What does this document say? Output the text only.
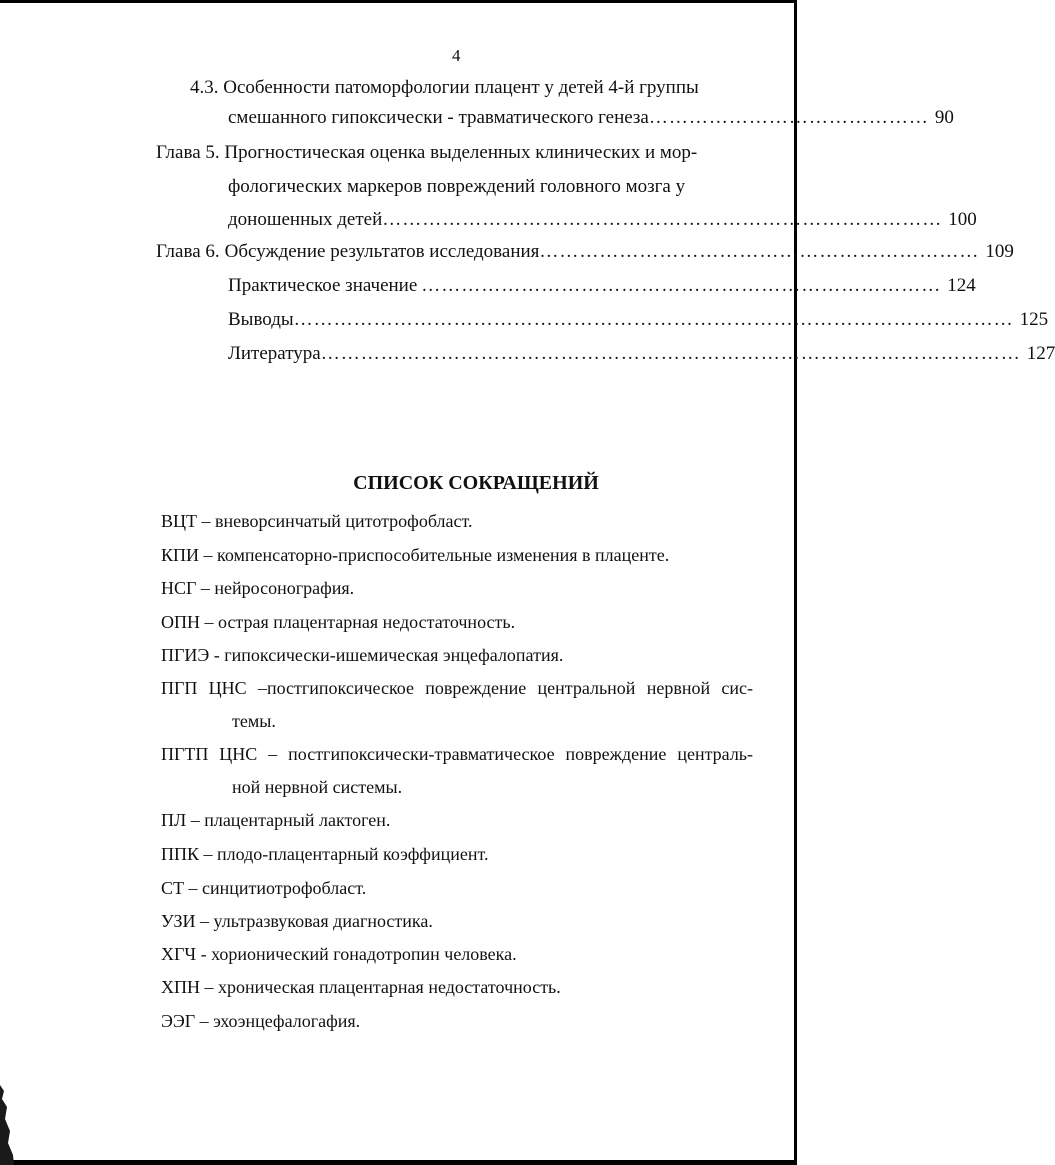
4
4.3. Особенности патоморфологии плацент у детей 4-й группы
смешанного гипоксически - травматического генеза …………………………………… 90
Глава 5. Прогностическая оценка выделенных клинических и мор-
фологических маркеров повреждений головного мозга у
доношенных детей ………………………………………………………………………… 100
Глава 6. Обсуждение результатов исследования ………………………………………………………… 109
Практическое значение …………………………………………………………………… 124
Выводы ……………………………………………………………………………………………… 125
Литература …………………………………………………………………………………………… 127
СПИСОК СОКРАЩЕНИЙ
ВЦТ – вневорсинчатый цитотрофобласт.
КПИ – компенсаторно-приспособительные изменения в плаценте.
НСГ – нейросонография.
ОПН – острая плацентарная недостаточность.
ПГИЭ - гипоксически-ишемическая энцефалопатия.
ПГП ЦНС –постгипоксическое повреждение центральной нервной сис-
темы.
ПГТП ЦНС – постгипоксически-травматическое повреждение централь-
ной нервной системы.
ПЛ – плацентарный лактоген.
ППК – плодо-плацентарный коэффициент.
СТ – синцитиотрофобласт.
УЗИ – ультразвуковая диагностика.
ХГЧ - хорионический гонадотропин человека.
ХПН – хроническая плацентарная недостаточность.
ЭЭГ – эхоэнцефалогафия.
